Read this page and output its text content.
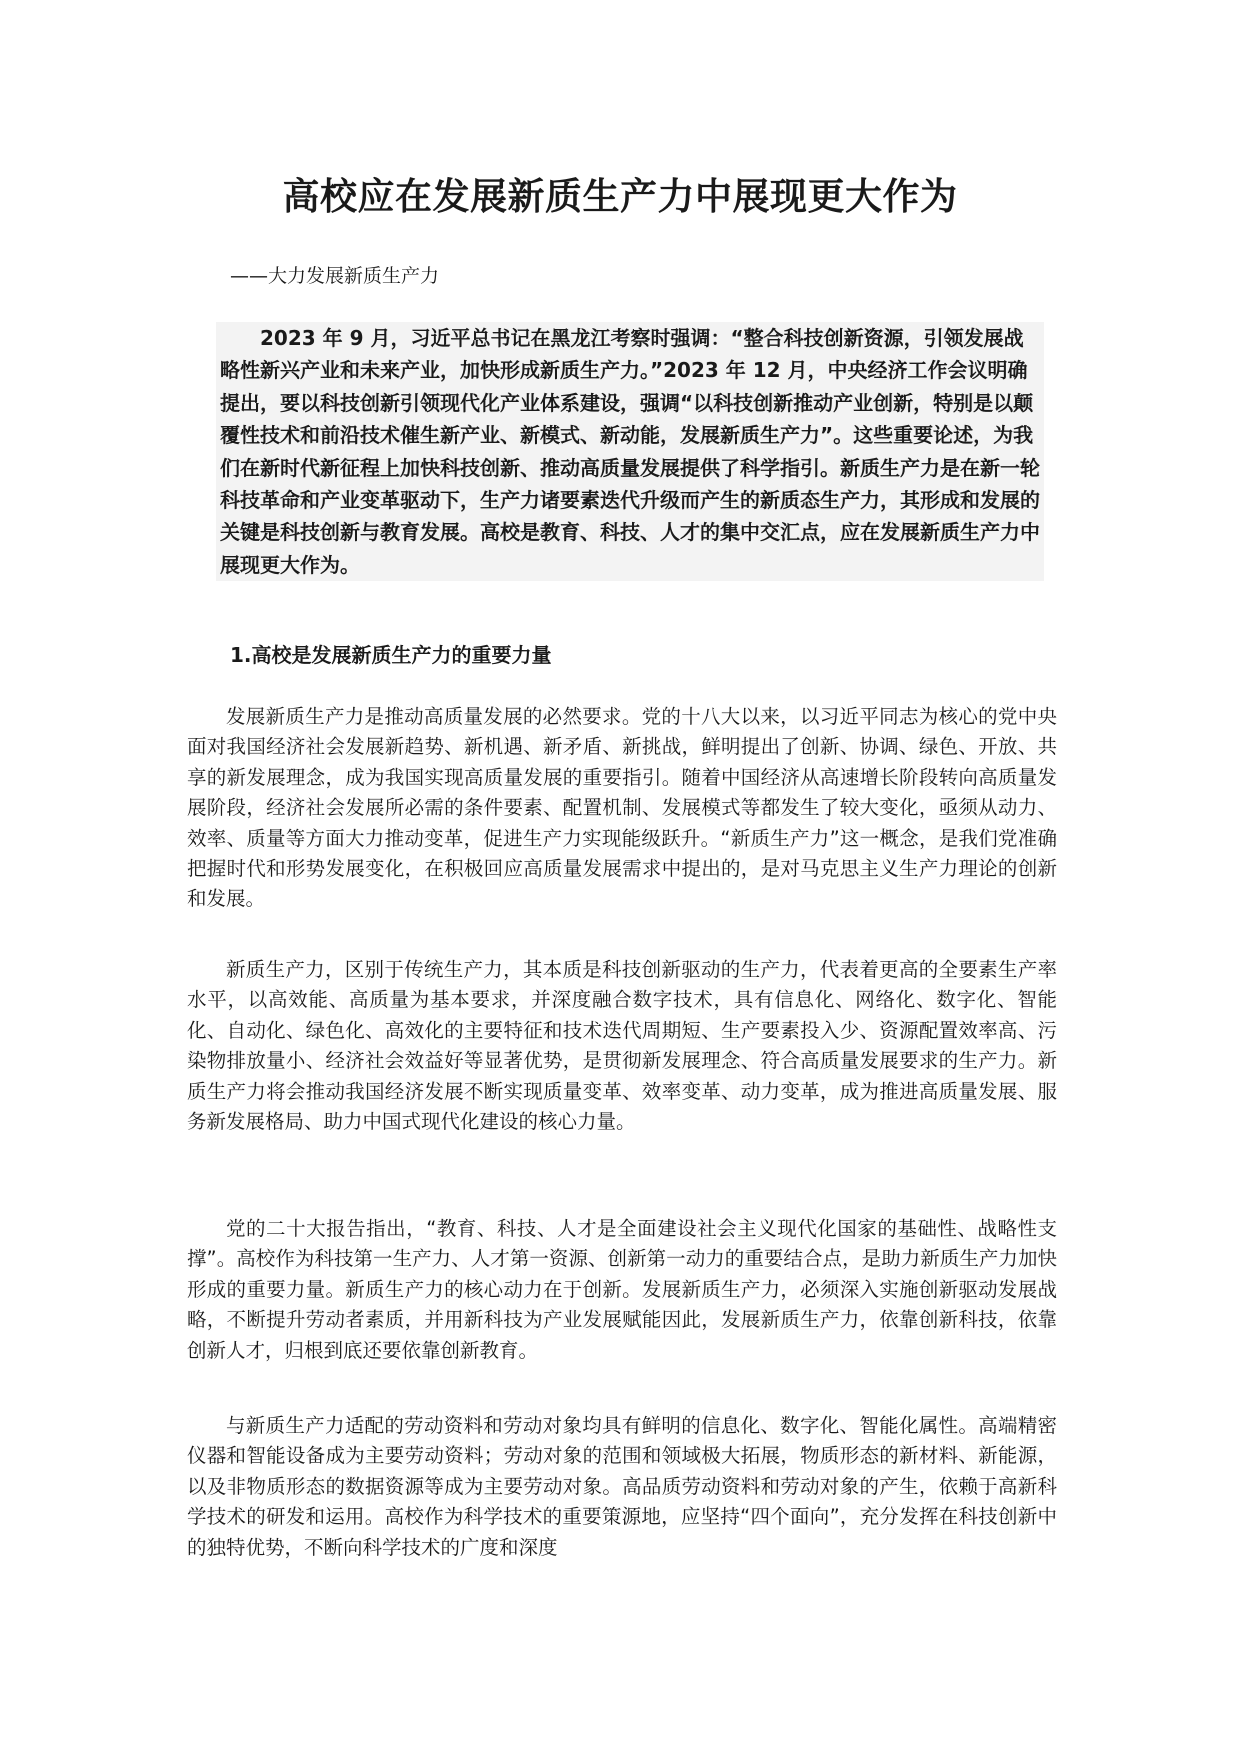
高校应在发展新质生产力中展现更大作为
——大力发展新质生产力
2023 年 9 月，习近平总书记在黑龙江考察时强调：“整合科技创新资源，引领发展战略性新兴产业和未来产业，加快形成新质生产力。”2023 年 12 月，中央经济工作会议明确提出，要以科技创新引领现代化产业体系建设，强调“以科技创新推动产业创新，特别是以颠覆性技术和前沿技术催生新产业、新模式、新动能，发展新质生产力”。这些重要论述，为我们在新时代新征程上加快科技创新、推动高质量发展提供了科学指引。新质生产力是在新一轮科技革命和产业变革驱动下，生产力诸要素迭代升级而产生的新质态生产力，其形成和发展的关键是科技创新与教育发展。高校是教育、科技、人才的集中交汇点，应在发展新质生产力中展现更大作为。
1.高校是发展新质生产力的重要力量

发展新质生产力是推动高质量发展的必然要求。党的十八大以来，以习近平同志为核心的党中央面对我国经济社会发展新趋势、新机遇、新矛盾、新挑战，鲜明提出了创新、协调、绿色、开放、共享的新发展理念，成为我国实现高质量发展的重要指引。随着中国经济从高速增长阶段转向高质量发展阶段，经济社会发展所必需的条件要素、配置机制、发展模式等都发生了较大变化，亟须从动力、效率、质量等方面大力推动变革，促进生产力实现能级跃升。“新质生产力”这一概念，是我们党准确把握时代和形势发展变化，在积极回应高质量发展需求中提出的，是对马克思主义生产力理论的创新和发展。

新质生产力，区别于传统生产力，其本质是科技创新驱动的生产力，代表着更高的全要素生产率水平，以高效能、高质量为基本要求，并深度融合数字技术，具有信息化、网络化、数字化、智能化、自动化、绿色化、高效化的主要特征和技术迭代周期短、生产要素投入少、资源配置效率高、污染物排放量小、经济社会效益好等显著优势，是贯彻新发展理念、符合高质量发展要求的生产力。新质生产力将会推动我国经济发展不断实现质量变革、效率变革、动力变革，成为推进高质量发展、服务新发展格局、助力中国式现代化建设的核心力量。

党的二十大报告指出，“教育、科技、人才是全面建设社会主义现代化国家的基础性、战略性支撑”。高校作为科技第一生产力、人才第一资源、创新第一动力的重要结合点，是助力新质生产力加快形成的重要力量。新质生产力的核心动力在于创新。发展新质生产力，必须深入实施创新驱动发展战略，不断提升劳动者素质，并用新科技为产业发展赋能因此，发展新质生产力，依靠创新科技，依靠创新人才，归根到底还要依靠创新教育。

与新质生产力适配的劳动资料和劳动对象均具有鲜明的信息化、数字化、智能化属性。高端精密仪器和智能设备成为主要劳动资料；劳动对象的范围和领域极大拓展，物质形态的新材料、新能源，以及非物质形态的数据资源等成为主要劳动对象。高品质劳动资料和劳动对象的产生，依赖于高新科学技术的研发和运用。高校作为科学技术的重要策源地，应坚持“四个面向”，充分发挥在科技创新中的独特优势，不断向科学技术的广度和深度
